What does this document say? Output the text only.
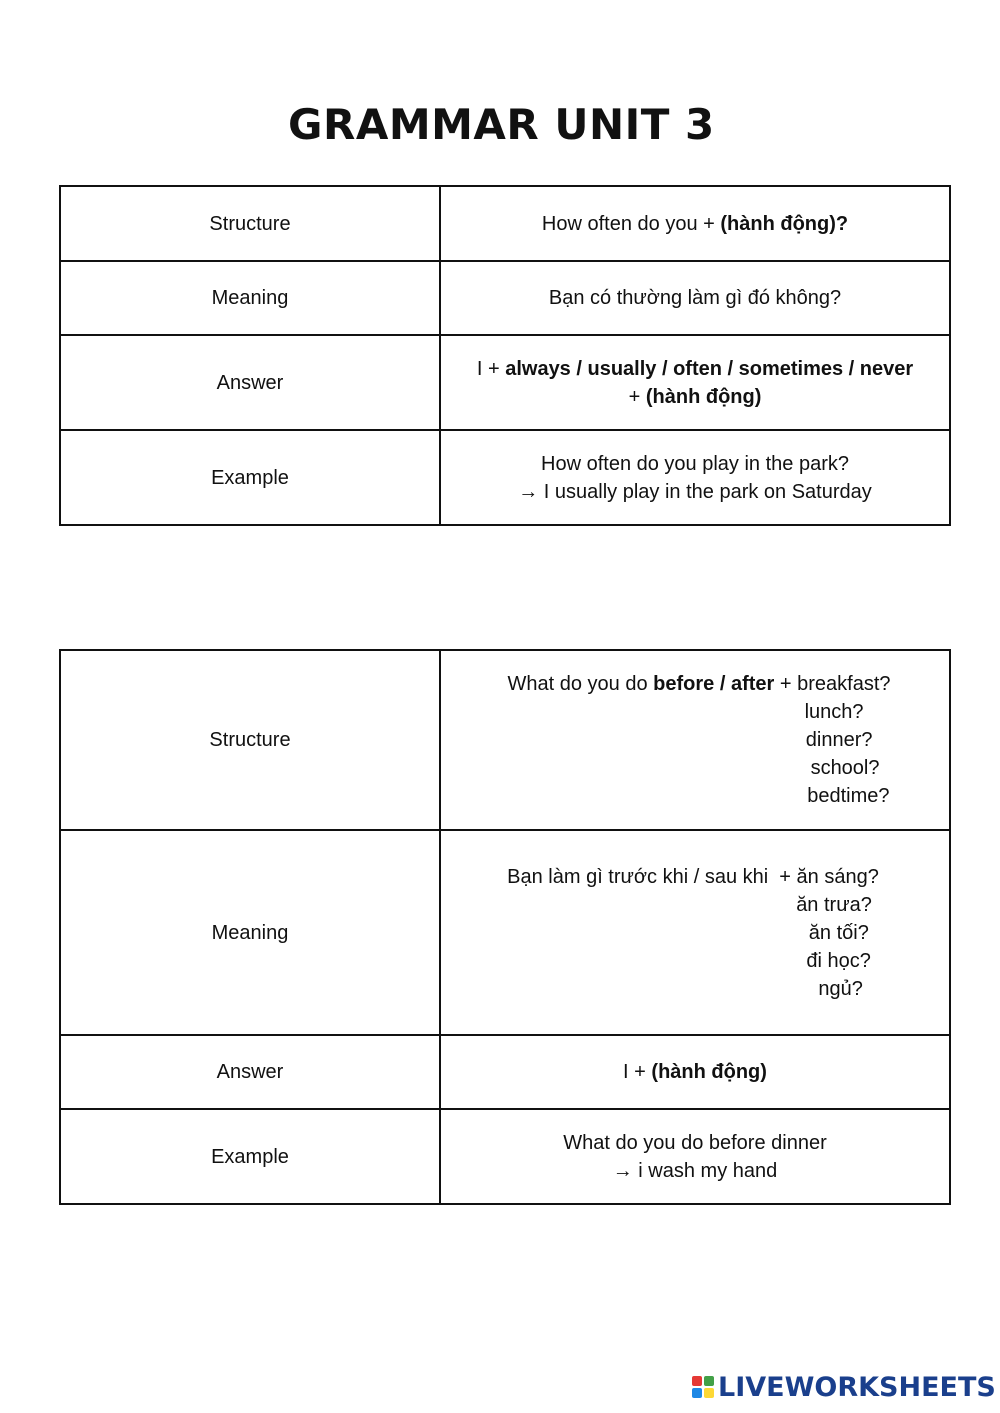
GRAMMAR UNIT 3
Structure	How often do you + (hành động)?
Meaning	Bạn có thường làm gì đó không?
Answer	I + always / usually / often / sometimes / never
+ (hành động)

Example	How often do you play in the park?
→ I usually play in the park on Saturday
Structure	What do you do before / after + breakfast?
lunch?
dinner?
school?
bedtime?

Meaning	Bạn làm gì trước khi / sau khi  + ăn sáng?
ăn trưa?
ăn tối?
đi học?
ngủ?

Answer	I + (hành động)
Example	What do you do before dinner
→ i wash my hand
LIVEWORKSHEETS
